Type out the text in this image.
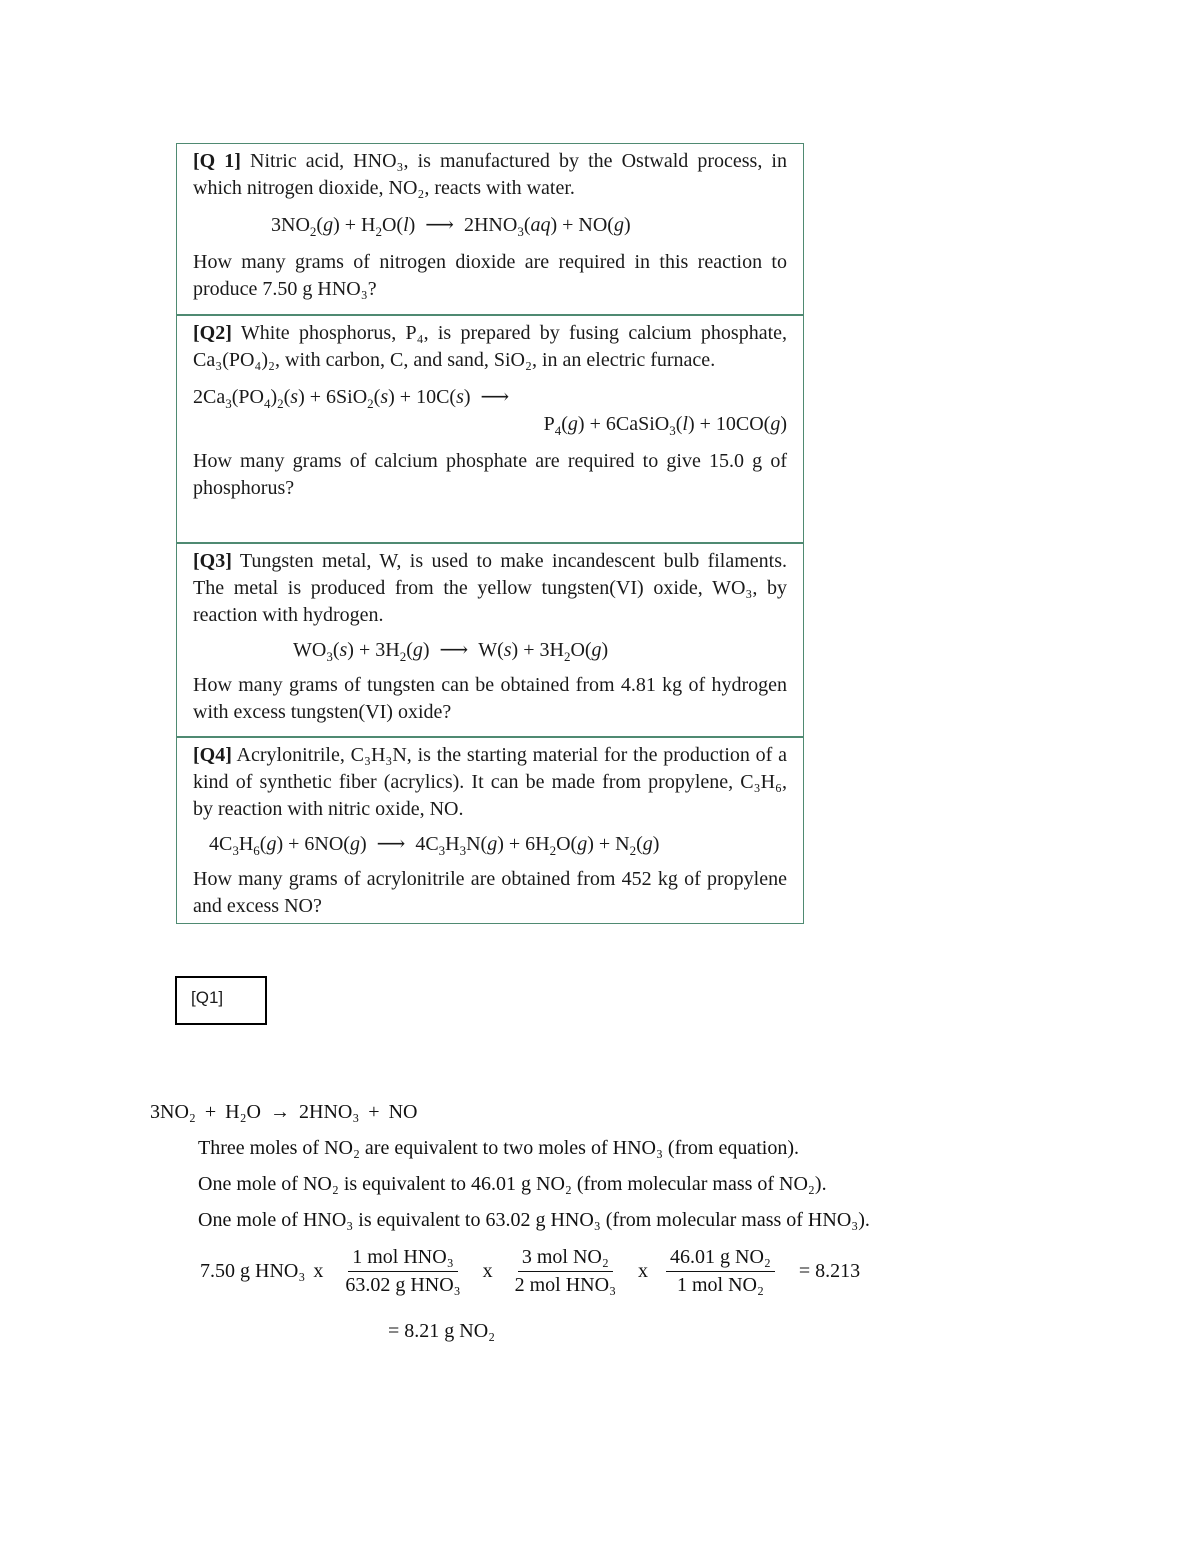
[Q 1] Nitric acid, HNO₃, is manufactured by the Ostwald process, in which nitrogen dioxide, NO₂, reacts with water.

$3NO_2(g) + H_2O(l)$ ⟶ $2HNO_3(aq) + NO(g)$

How many grams of nitrogen dioxide are required in this reaction to produce 7.50 g HNO₃?

[Q2] White phosphorus, P₄, is prepared by fusing calcium phosphate, Ca₃(PO₄)₂, with carbon, C, and sand, SiO₂, in an electric furnace.

$2Ca_3(PO_4)_2(s) + 6SiO_2(s) + 10C(s)$ ⟶
$P_4(g)$ + 6CaSiO$_3$(l) + 10CO(g)

How many grams of calcium phosphate are required to give 15.0 g of phosphorus?

[Q3] Tungsten metal, W, is used to make incandescent bulb filaments. The metal is produced from the yellow tungsten(VI) oxide, WO₃, by reaction with hydrogen.

$WO_3(s) + 3H_2(g)$ ⟶ $W(s) + 3H_2O(g)$

How many grams of tungsten can be obtained from 4.81 kg of hydrogen with excess tungsten(VI) oxide?

[Q4] Acrylonitrile, C₃H₃N, is the starting material for the production of a kind of synthetic fiber (acrylics). It can be made from propylene, C₃H₆, by reaction with nitric oxide, NO.

$4C_3H_6(g) + 6NO(g)$ ⟶ $4C_3H_3N(g) + 6H_2O(g) + N_2(g)$

How many grams of acrylonitrile are obtained from 452 kg of propylene and excess NO?

[Q1]
3NO₂ + H₂O → 2HNO₃ + NO
Three moles of NO₂ are equivalent to two moles of HNO₃ (from equation).
One mole of NO₂ is equivalent to 46.01 g NO₂ (from molecular mass of NO₂).
One mole of HNO₃ is equivalent to 63.02 g HNO₃ (from molecular mass of HNO₃).
7.50 g HNO₃ x $\frac{\text{1 mol HNO₃}}{\text{63.02 g HNO₃}}$ x $\frac{\text{3 mol NO₂}}{\text{2 mol HNO₃}}$ x $\frac{\text{46.01 g NO₂}}{\text{1 mol NO₂}} = 8.213$
= 8.21 g NO₂
